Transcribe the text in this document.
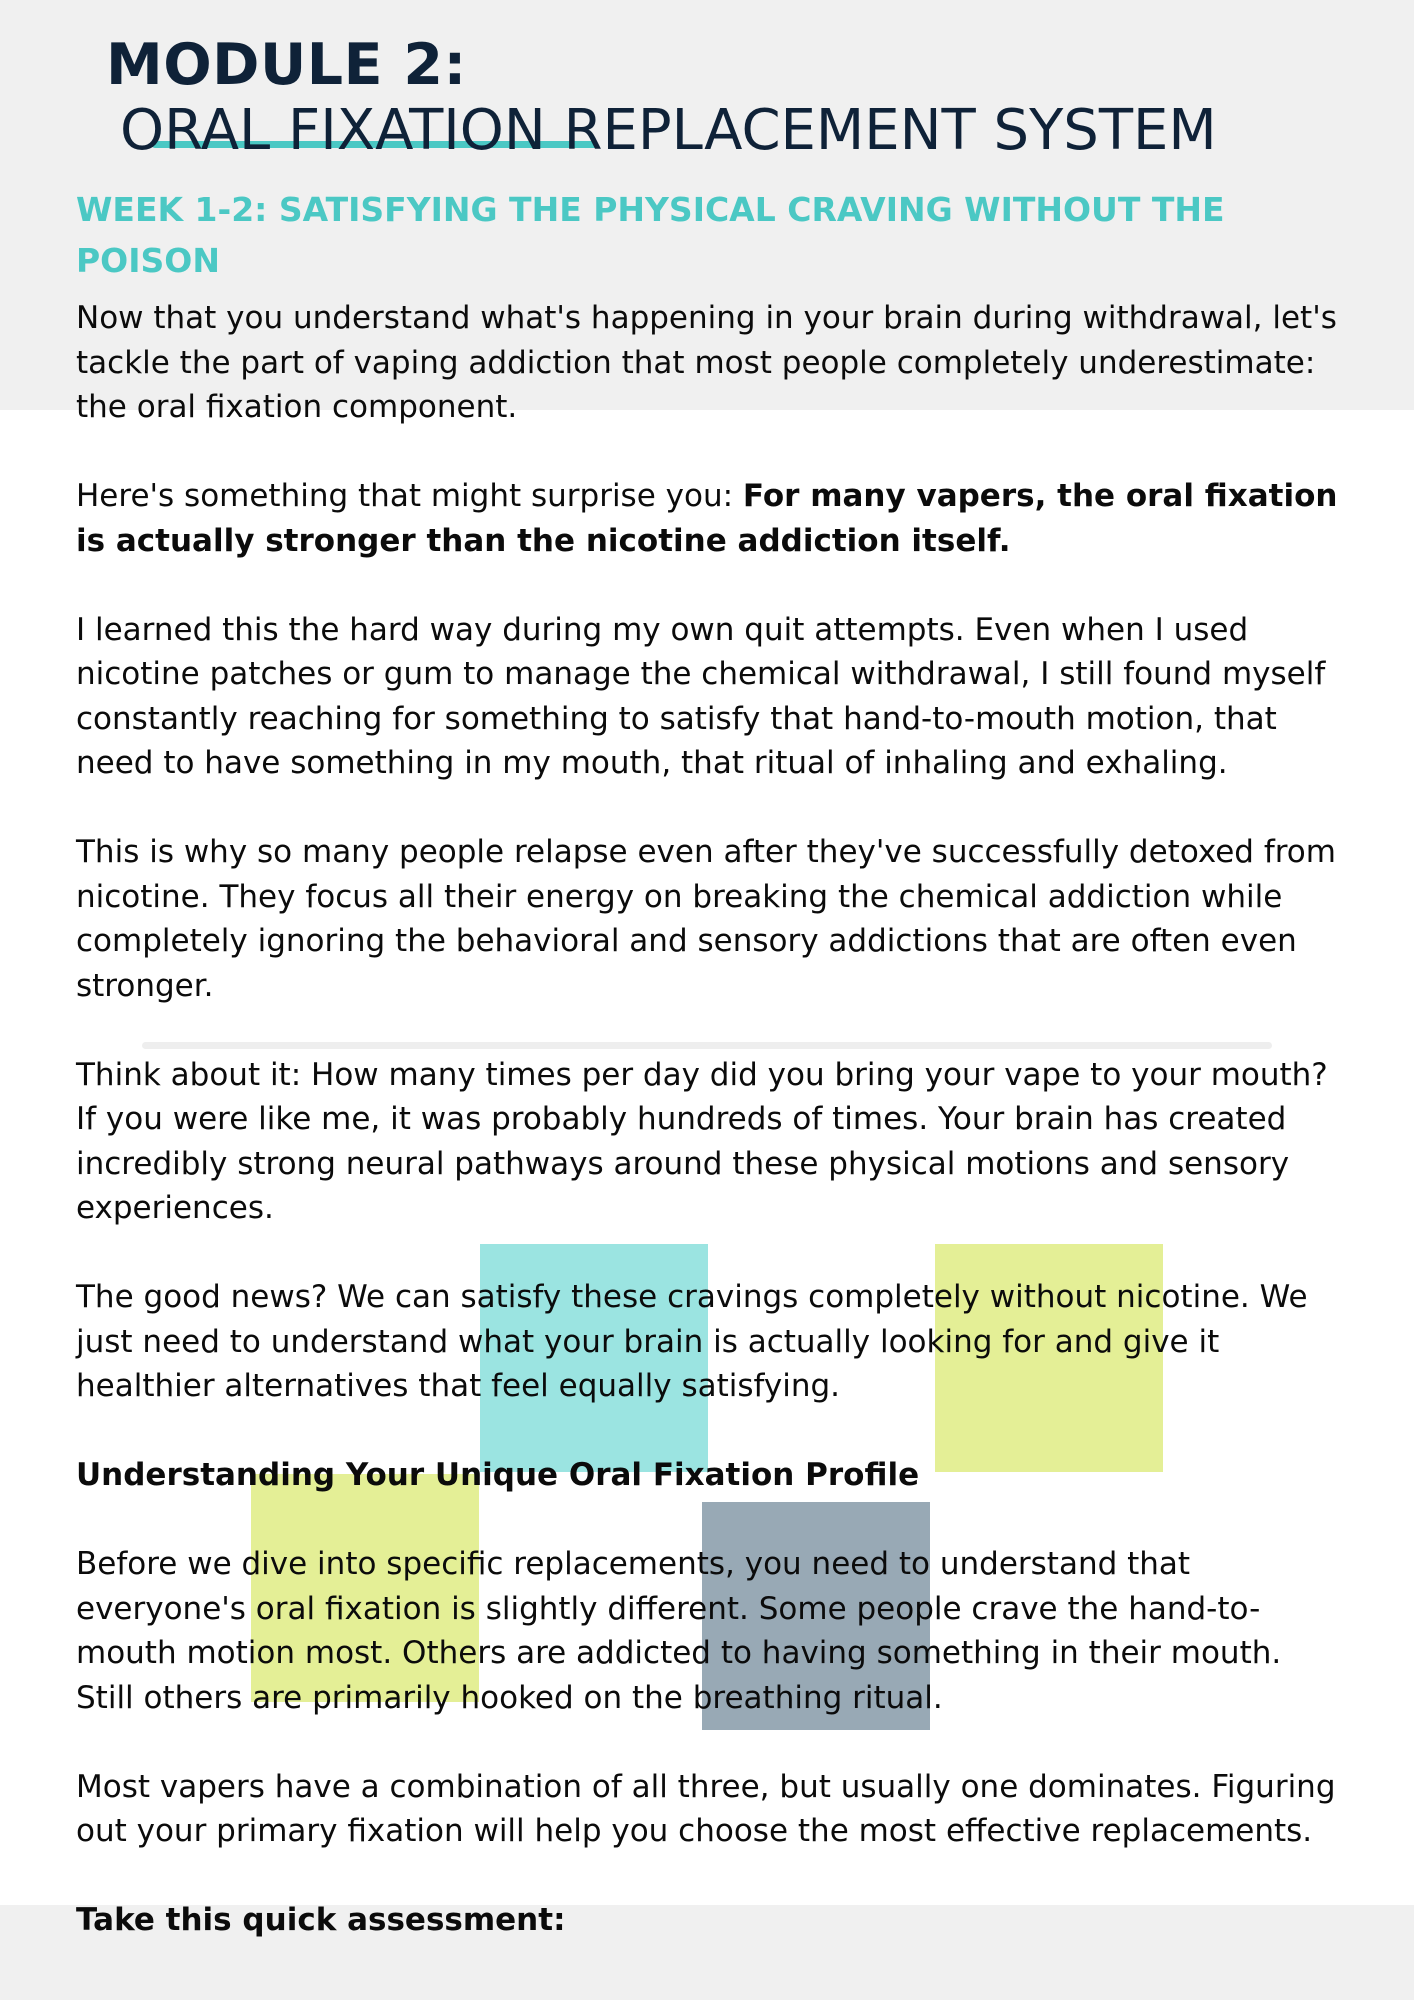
MODULE 2:
ORAL FIXATION REPLACEMENT SYSTEM
WEEK 1-2: SATISFYING THE PHYSICAL CRAVING WITHOUT THE POISON

Now that you understand what's happening in your brain during withdrawal, let's tackle the part of vaping addiction that most people completely underestimate: the oral fixation component.

Here's something that might surprise you: For many vapers, the oral fixation is actually stronger than the nicotine addiction itself.

I learned this the hard way during my own quit attempts. Even when I used nicotine patches or gum to manage the chemical withdrawal, I still found myself constantly reaching for something to satisfy that hand-to-mouth motion, that need to have something in my mouth, that ritual of inhaling and exhaling.

This is why so many people relapse even after they've successfully detoxed from nicotine. They focus all their energy on breaking the chemical addiction while completely ignoring the behavioral and sensory addictions that are often even stronger.

Think about it: How many times per day did you bring your vape to your mouth? If you were like me, it was probably hundreds of times. Your brain has created incredibly strong neural pathways around these physical motions and sensory experiences.

The good news? We can satisfy these cravings completely without nicotine. We just need to understand what your brain is actually looking for and give it healthier alternatives that feel equally satisfying.

Understanding Your Unique Oral Fixation Profile

Before we dive into specific replacements, you need to understand that everyone's oral fixation is slightly different. Some people crave the hand-to-mouth motion most. Others are addicted to having something in their mouth. Still others are primarily hooked on the breathing ritual.

Most vapers have a combination of all three, but usually one dominates. Figuring out your primary fixation will help you choose the most effective replacements.

Take this quick assessment:
